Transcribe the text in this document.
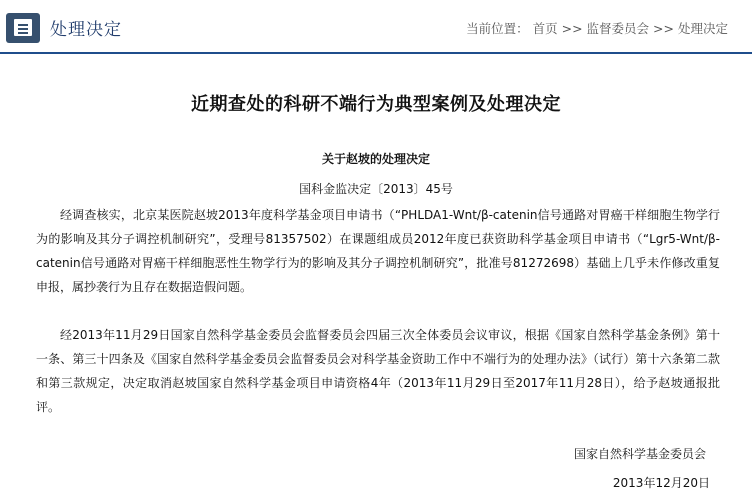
处理决定	当前位置： 首页 >> 监督委员会 >> 处理决定
近期查处的科研不端行为典型案例及处理决定
关于赵坡的处理决定
国科金监决定〔2013〕45号

经调查核实，北京某医院赵坡2013年度科学基金项目申请书（“PHLDA1-Wnt/β-catenin信号通路对胃癌干样细胞生物学行为的影响及其分子调控机制研究”，受理号81357502）在课题组成员2012年度已获资助科学基金项目申请书（“Lgr5-Wnt/β-catenin信号通路对胃癌干样细胞恶性生物学行为的影响及其分子调控机制研究”，批准号81272698）基础上几乎未作修改重复申报，属抄袭行为且存在数据造假问题。

经2013年11月29日国家自然科学基金委员会监督委员会四届三次全体委员会议审议，根据《国家自然科学基金条例》第十一条、第三十四条及《国家自然科学基金委员会监督委员会对科学基金资助工作中不端行为的处理办法》（试行）第十六条第二款和第三款规定，决定取消赵坡国家自然科学基金项目申请资格4年（2013年11月29日至2017年11月28日），给予赵坡通报批评。

国家自然科学基金委员会
2013年12月20日
